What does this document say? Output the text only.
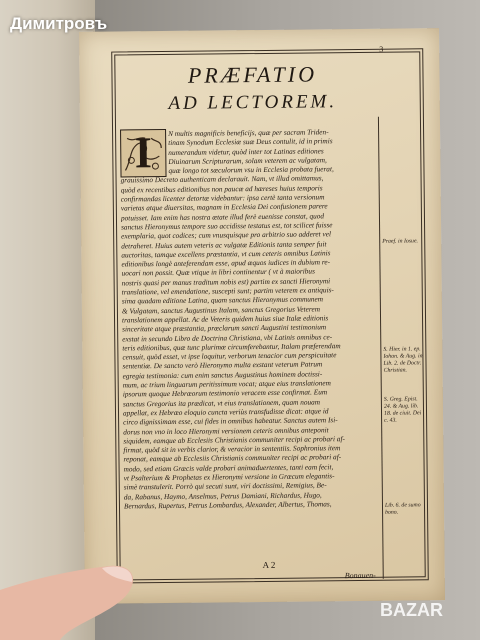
3
PRÆFATIO
AD LECTOREM.
I	N multis magnificis beneficijs, quæ per sacram Triden-
tinam Synodum Ecclesiæ suæ Deus contulit, id in primis
numerandum videtur, quòd inter tot Latinas editiones
Diuinarum Scripturarum, solam veterem ac vulgatam,
quæ longo tot sæculorum vsu in Ecclesia probata fuerat,
grauissimo Decreto authenticam declarauit. Nam, vt illud omittamus,
quòd ex recentibus editionibus non paucæ ad hæreses huius temporis
confirmandas licenter detortæ videbantur: ipsa certè tanta versionum
varietas atque diuersitas, magnam in Ecclesia Dei confusionem parere
potuisset. Iam enim has nostra ætate illud ferè euenisse constat, quod
sanctus Hieronymus tempore suo accidisse testatus est, tot scilicet fuisse
exemplaria, quot codices; cum vnusquisque pro arbitrio suo adderet vel
detraheret. Huius autem veteris ac vulgatæ Editionis tanta semper fuit
auctoritas, tamque excellens præstantia, vt cum ceteris omnibus Latinis
editionibus longè anteferendam esse, apud æquos iudices in dubium re-
uocari non possit. Quæ vtique in libri continentur ( vt à maioribus
nostris quasi per manus traditum nobis est) partim ex sancti Hieronymi
translatione, vel emendatione, suscepti sunt; partim veterem ex antiquis-
sima quadam editione Latina, quam sanctus Hieronymus communem
& Vulgatam, sanctus Augustinus Italam, sanctus Gregorius Veterem
translationem appellat. Ac de Veteris quidem huius siue Italæ editionis
sinceritate atque præstantia, præclarum sancti Augustini testimonium
exstat in secundo Libro de Doctrina Christiana, vbi Latinis omnibus ce-
teris editionibus, quæ tunc plurimæ circumferebantur, Italam præferendam
censuit, quòd esset, vt ipse loquitur, verborum tenacior cum perspicuitate
sententiæ. De sancto verò Hieronymo multa exstant veterum Patrum
egregia testimonia: cum enim sanctus Augustinus hominem doctissi-
mum, ac trium linguarum peritissimum vocat; atque eius translationem
ipsorum quoque Hebræorum testimonio veracem esse confirmat. Eum
sanctus Gregorius ita prædicat, vt eius translationem, quam nouam
appellat, ex Hebræo eloquio cuncta veriùs transfudisse dicat: atque id
circo dignissimam esse, cui fides in omnibus habeatur. Sanctus autem Isi-
dorus non vno in loco Hieronymi versionem ceteris omnibus anteponit
siquidem, eamque ab Ecclesiis Christianis communiter recipi ac probari af-
firmat, quòd sit in verbis clarior, & veracior in sententiis. Sophronius item
reponat, eamque ab Ecclesiis Christianis communiter recipi ac probari af-
modo, sed etiam Græcis valde probari animaduertentes, tanti eam fecit,
vt Psalterium & Prophetas ex Hieronymi versione in Græcum elegantis-
simè transtulerit. Porrò qui secuti sunt, viri doctissimi, Remigius, Be-
da, Rabanus, Haymo, Anselmus, Petrus Damiani, Richardus, Hugo,
Bernardus, Rupertus, Petrus Lombardus, Alexander, Albertus, Thomas,
Praef. in Iosue.
S. Hier. in 1. ep. Iohan. & Aug. in Lib. 2. de Doctr. Christian.
S. Greg. Epist. 24. & Aug. lib. 18. de ciuit. Dei c. 43.
Lib. 6. de sumo bono.
A 2
Bonauen-
Димитровъ
BAZAR
